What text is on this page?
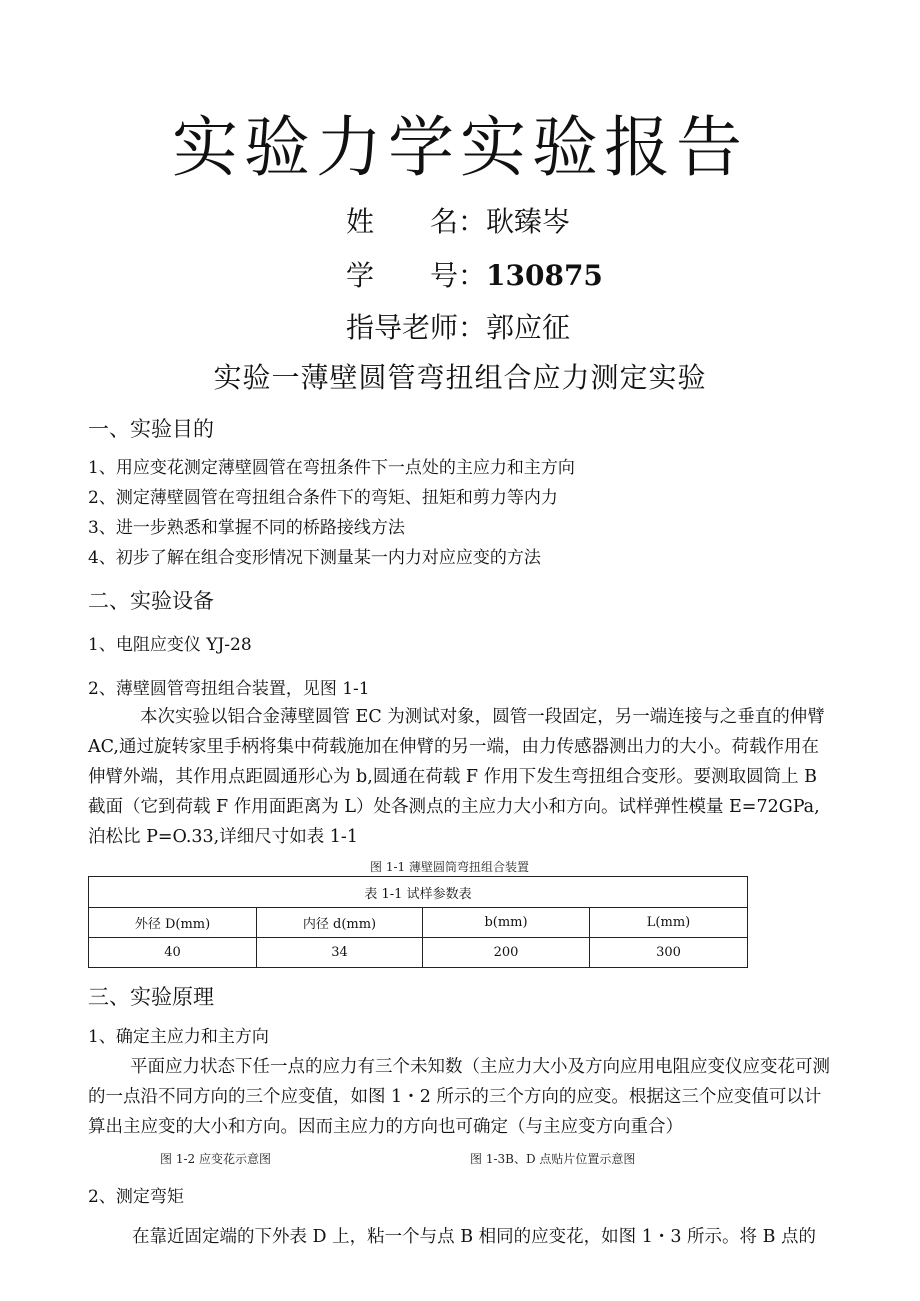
实验力学实验报告
姓　　名：耿臻岑
学　　号：130875
指导老师：郭应征
实验一薄壁圆管弯扭组合应力测定实验
一、实验目的
1、用应变花测定薄壁圆管在弯扭条件下一点处的主应力和主方向
2、测定薄壁圆管在弯扭组合条件下的弯矩、扭矩和剪力等内力
3、进一步熟悉和掌握不同的桥路接线方法
4、初步了解在组合变形情况下测量某一内力对应应变的方法
二、实验设备
1、电阻应变仪 YJ-28
2、薄壁圆管弯扭组合装置，见图 1-1
本次实验以铝合金薄壁圆管 EC 为测试对象，圆管一段固定，另一端连接与之垂直的伸臂 AC,通过旋转家里手柄将集中荷载施加在伸臂的另一端，由力传感器测出力的大小。荷载作用在伸臂外端，其作用点距圆通形心为 b,圆通在荷载 F 作用下发生弯扭组合变形。要测取圆筒上 B 截面（它到荷载 F 作用面距离为 L）处各测点的主应力大小和方向。试样弹性模量 E=72GPa,泊松比 P=O.33,详细尺寸如表 1-1
图 1-1 薄壁圆筒弯扭组合装置
表 1-1 试样参数表			
外径 D(mm)	内径 d(mm)	b(mm)	L(mm)
40	34	200	300
三、实验原理
1、确定主应力和主方向
平面应力状态下任一点的应力有三个未知数（主应力大小及方向应用电阻应变仪应变花可测的一点沿不同方向的三个应变值，如图 1・2 所示的三个方向的应变。根据这三个应变值可以计算出主应变的大小和方向。因而主应力的方向也可确定（与主应变方向重合）
图 1-2 应变花示意图	图 1-3B、D 点贴片位置示意图
2、测定弯矩
在靠近固定端的下外表 D 上，粘一个与点 B 相同的应变花，如图 1・3 所示。将 B 点的
